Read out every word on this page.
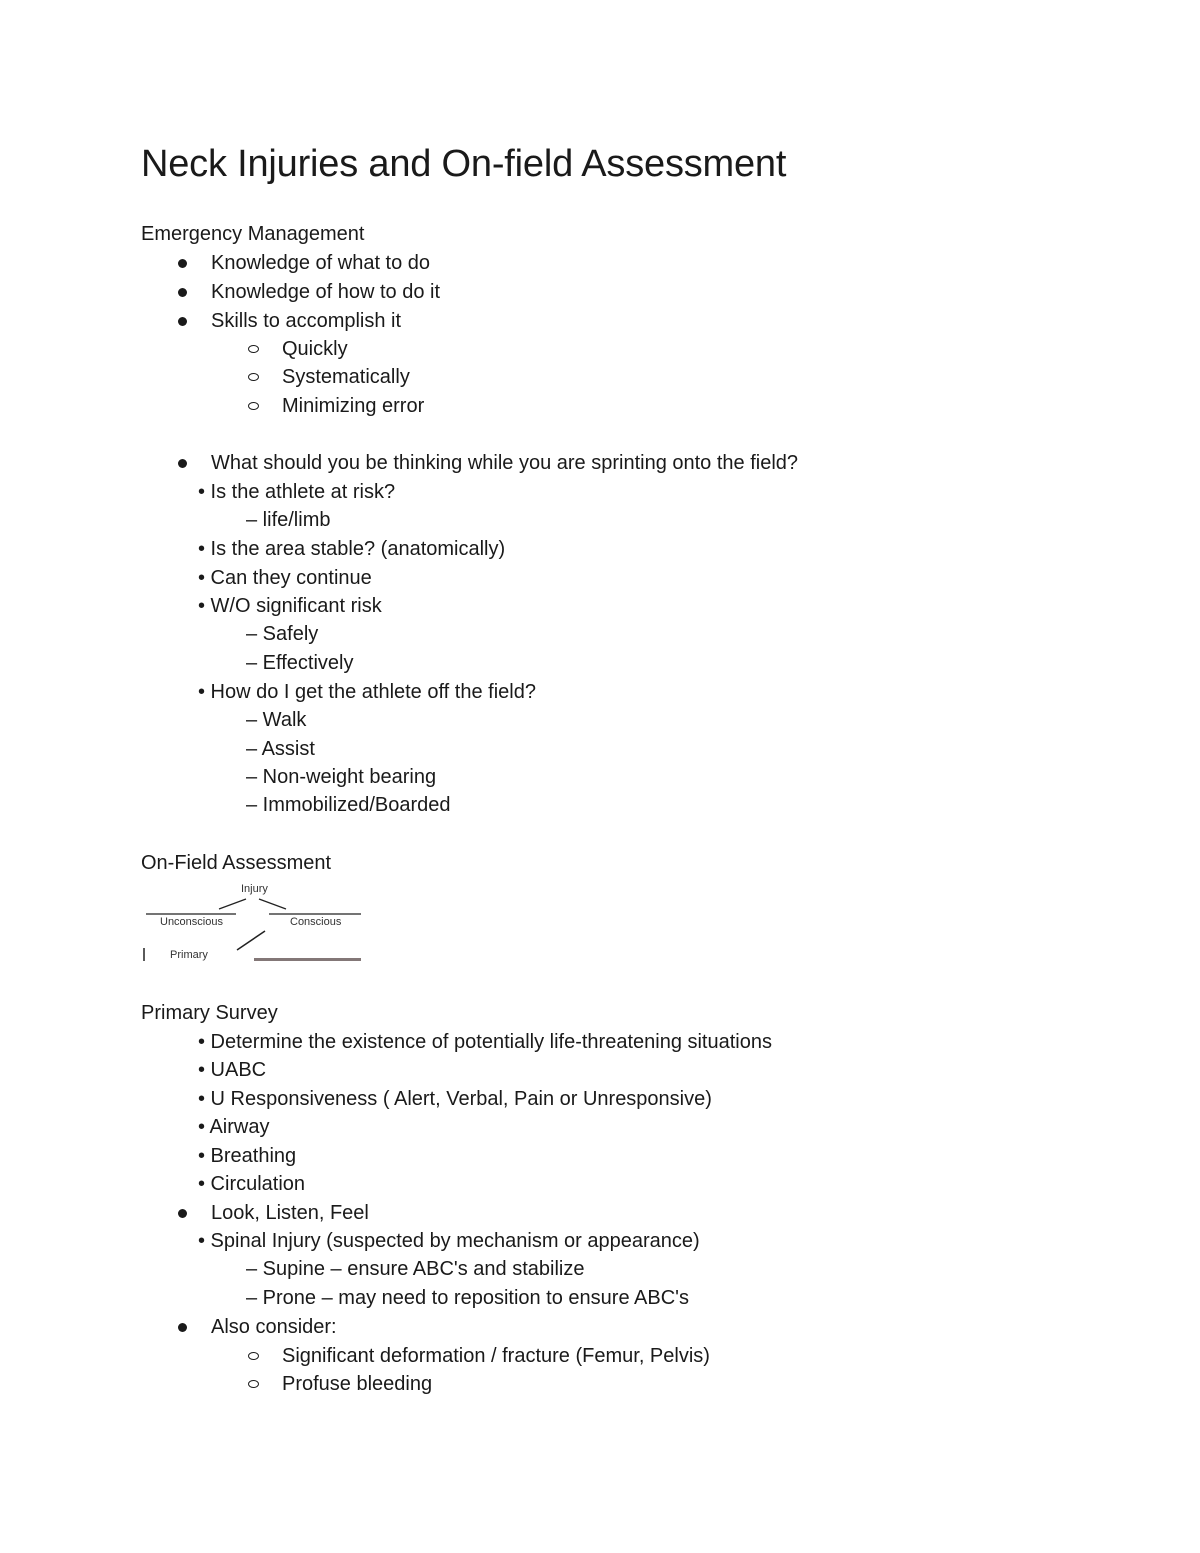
Neck Injuries and On-field Assessment
Emergency Management
Knowledge of what to do
Knowledge of how to do it
Skills to accomplish it
Quickly
Systematically
Minimizing error
What should you be thinking while you are sprinting onto the field?
• Is the athlete at risk?
– life/limb
• Is the area stable? (anatomically)
• Can they continue
• W/O significant risk
– Safely
– Effectively
• How do I get the athlete off the field?
– Walk
– Assist
– Non-weight bearing
– Immobilized/Boarded
On-Field Assessment
Injury
Unconscious	Conscious
Primary
Primary Survey
• Determine the existence of potentially life-threatening situations
• UABC
• U Responsiveness ( Alert, Verbal, Pain or Unresponsive)
• Airway
• Breathing
• Circulation
Look, Listen, Feel
• Spinal Injury (suspected by mechanism or appearance)
– Supine – ensure ABC's and stabilize
– Prone – may need to reposition to ensure ABC's
Also consider:
Significant deformation / fracture (Femur, Pelvis)
Profuse bleeding
